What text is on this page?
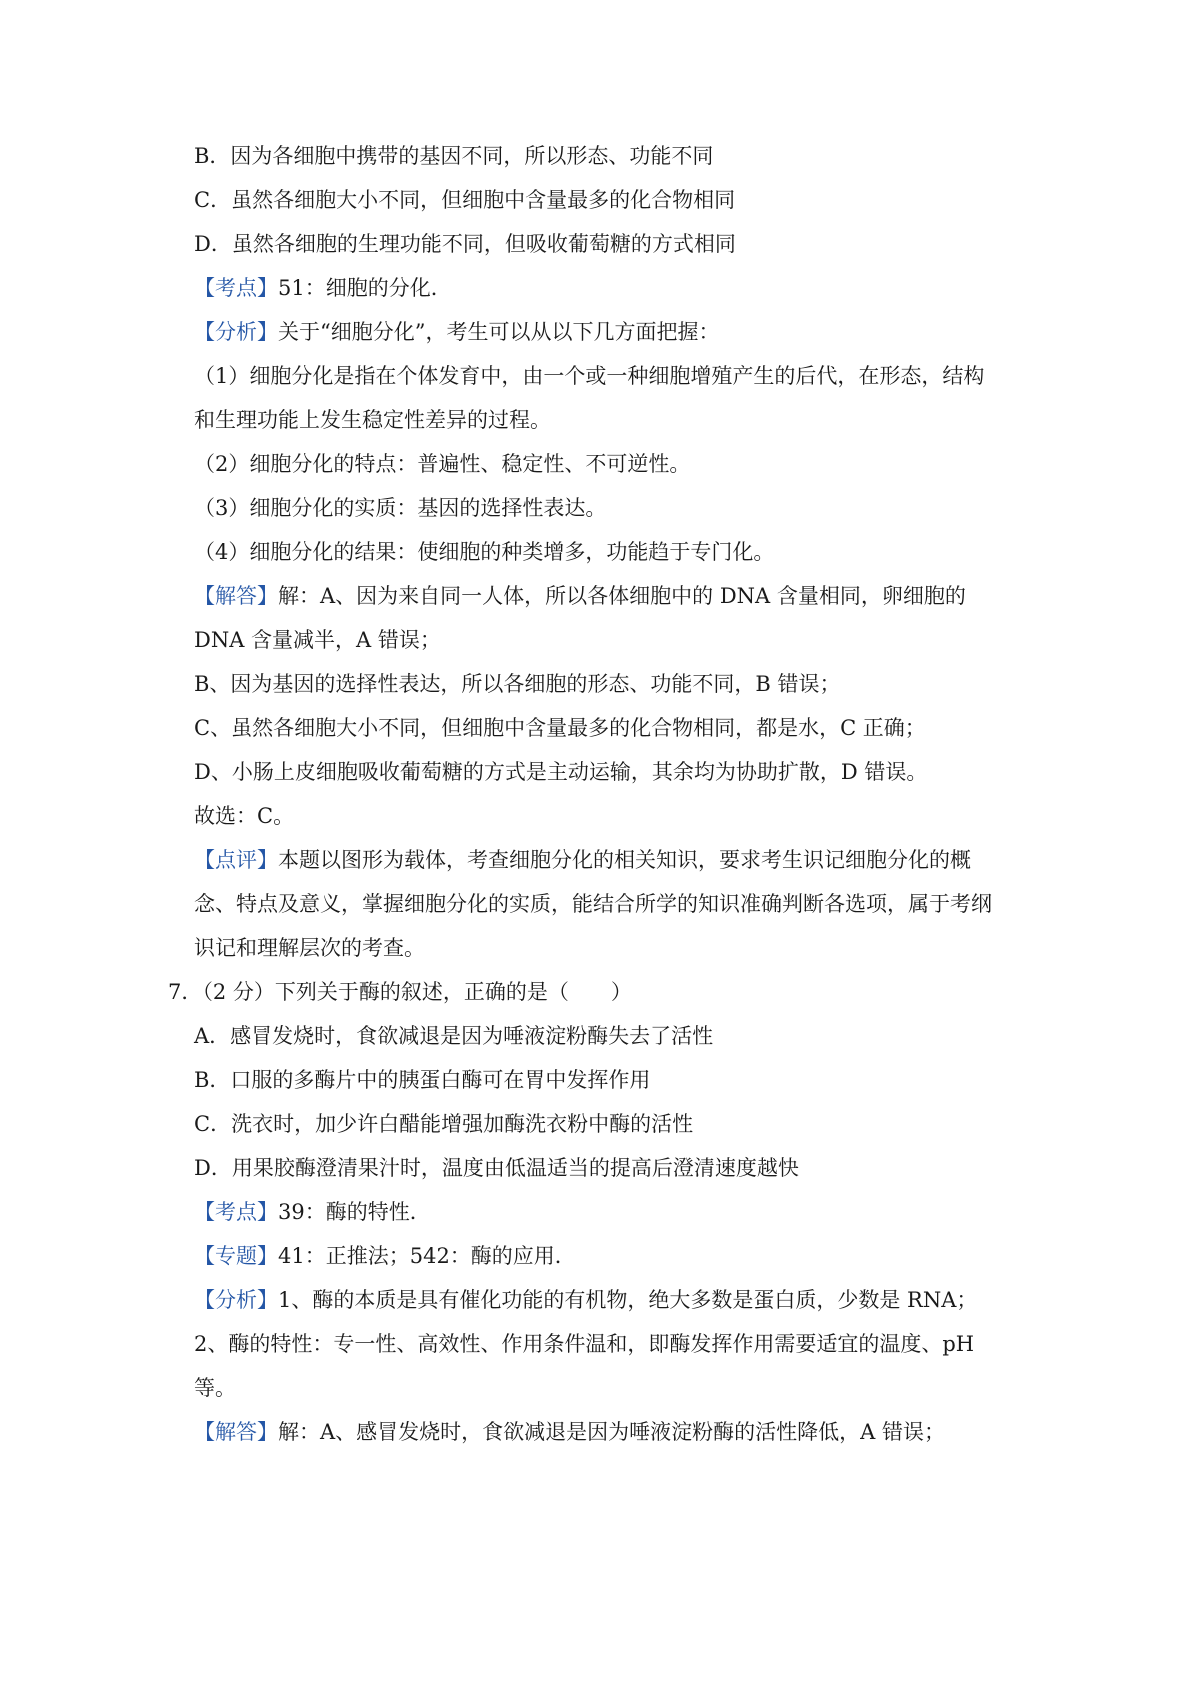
B．因为各细胞中携带的基因不同，所以形态、功能不同
C．虽然各细胞大小不同，但细胞中含量最多的化合物相同
D．虽然各细胞的生理功能不同，但吸收葡萄糖的方式相同
【考点】51：细胞的分化．
【分析】关于“细胞分化”，考生可以从以下几方面把握：
（1）细胞分化是指在个体发育中，由一个或一种细胞增殖产生的后代，在形态，结构
和生理功能上发生稳定性差异的过程。
（2）细胞分化的特点：普遍性、稳定性、不可逆性。
（3）细胞分化的实质：基因的选择性表达。
（4）细胞分化的结果：使细胞的种类增多，功能趋于专门化。
【解答】解：A、因为来自同一人体，所以各体细胞中的 DNA 含量相同，卵细胞的
DNA 含量减半，A 错误；
B、因为基因的选择性表达，所以各细胞的形态、功能不同，B 错误；
C、虽然各细胞大小不同，但细胞中含量最多的化合物相同，都是水，C 正确；
D、小肠上皮细胞吸收葡萄糖的方式是主动运输，其余均为协助扩散，D 错误。
故选：C。
【点评】本题以图形为载体，考查细胞分化的相关知识，要求考生识记细胞分化的概
念、特点及意义，掌握细胞分化的实质，能结合所学的知识准确判断各选项，属于考纲
识记和理解层次的考查。
7．（2 分）下列关于酶的叙述，正确的是（　　）
A．感冒发烧时，食欲减退是因为唾液淀粉酶失去了活性
B．口服的多酶片中的胰蛋白酶可在胃中发挥作用
C．洗衣时，加少许白醋能增强加酶洗衣粉中酶的活性
D．用果胶酶澄清果汁时，温度由低温适当的提高后澄清速度越快
【考点】39：酶的特性．
【专题】41：正推法；542：酶的应用．
【分析】1、酶的本质是具有催化功能的有机物，绝大多数是蛋白质，少数是 RNA；
2、酶的特性：专一性、高效性、作用条件温和，即酶发挥作用需要适宜的温度、pH
等。
【解答】解：A、感冒发烧时，食欲减退是因为唾液淀粉酶的活性降低，A 错误；
